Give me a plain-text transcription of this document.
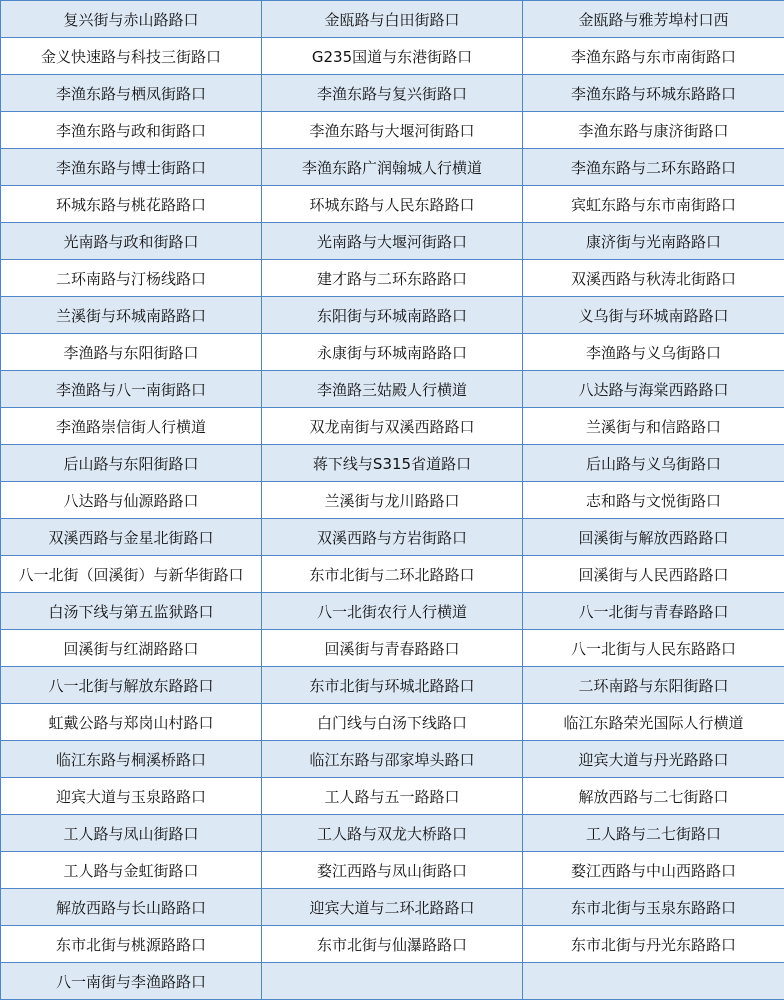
复兴街与赤山路路口	金瓯路与白田街路口	金瓯路与雅芳埠村口西
金义快速路与科技三街路口	G235国道与东港街路口	李渔东路与东市南街路口
李渔东路与栖凤街路口	李渔东路与复兴街路口	李渔东路与环城东路路口
李渔东路与政和街路口	李渔东路与大堰河街路口	李渔东路与康济街路口
李渔东路与博士街路口	李渔东路广润翰城人行横道	李渔东路与二环东路路口
环城东路与桃花路路口	环城东路与人民东路路口	宾虹东路与东市南街路口
光南路与政和街路口	光南路与大堰河街路口	康济街与光南路路口
二环南路与汀杨线路口	建才路与二环东路路口	双溪西路与秋涛北街路口
兰溪街与环城南路路口	东阳街与环城南路路口	义乌街与环城南路路口
李渔路与东阳街路口	永康街与环城南路路口	李渔路与义乌街路口
李渔路与八一南街路口	李渔路三姑殿人行横道	八达路与海棠西路路口
李渔路崇信街人行横道	双龙南街与双溪西路路口	兰溪街与和信路路口
后山路与东阳街路口	蒋下线与S315省道路口	后山路与义乌街路口
八达路与仙源路路口	兰溪街与龙川路路口	志和路与文悦街路口
双溪西路与金星北街路口	双溪西路与方岩街路口	回溪街与解放西路路口
八一北街（回溪街）与新华街路口	东市北街与二环北路路口	回溪街与人民西路路口
白汤下线与第五监狱路口	八一北街农行人行横道	八一北街与青春路路口
回溪街与红湖路路口	回溪街与青春路路口	八一北街与人民东路路口
八一北街与解放东路路口	东市北街与环城北路路口	二环南路与东阳街路口
虹戴公路与郑岗山村路口	白门线与白汤下线路口	临江东路荣光国际人行横道
临江东路与桐溪桥路口	临江东路与邵家埠头路口	迎宾大道与丹光路路口
迎宾大道与玉泉路路口	工人路与五一路路口	解放西路与二七街路口
工人路与凤山街路口	工人路与双龙大桥路口	工人路与二七街路口
工人路与金虹街路口	婺江西路与凤山街路口	婺江西路与中山西路路口
解放西路与长山路路口	迎宾大道与二环北路路口	东市北街与玉泉东路路口
东市北街与桃源路路口	东市北街与仙瀑路路口	东市北街与丹光东路路口
八一南街与李渔路路口		
